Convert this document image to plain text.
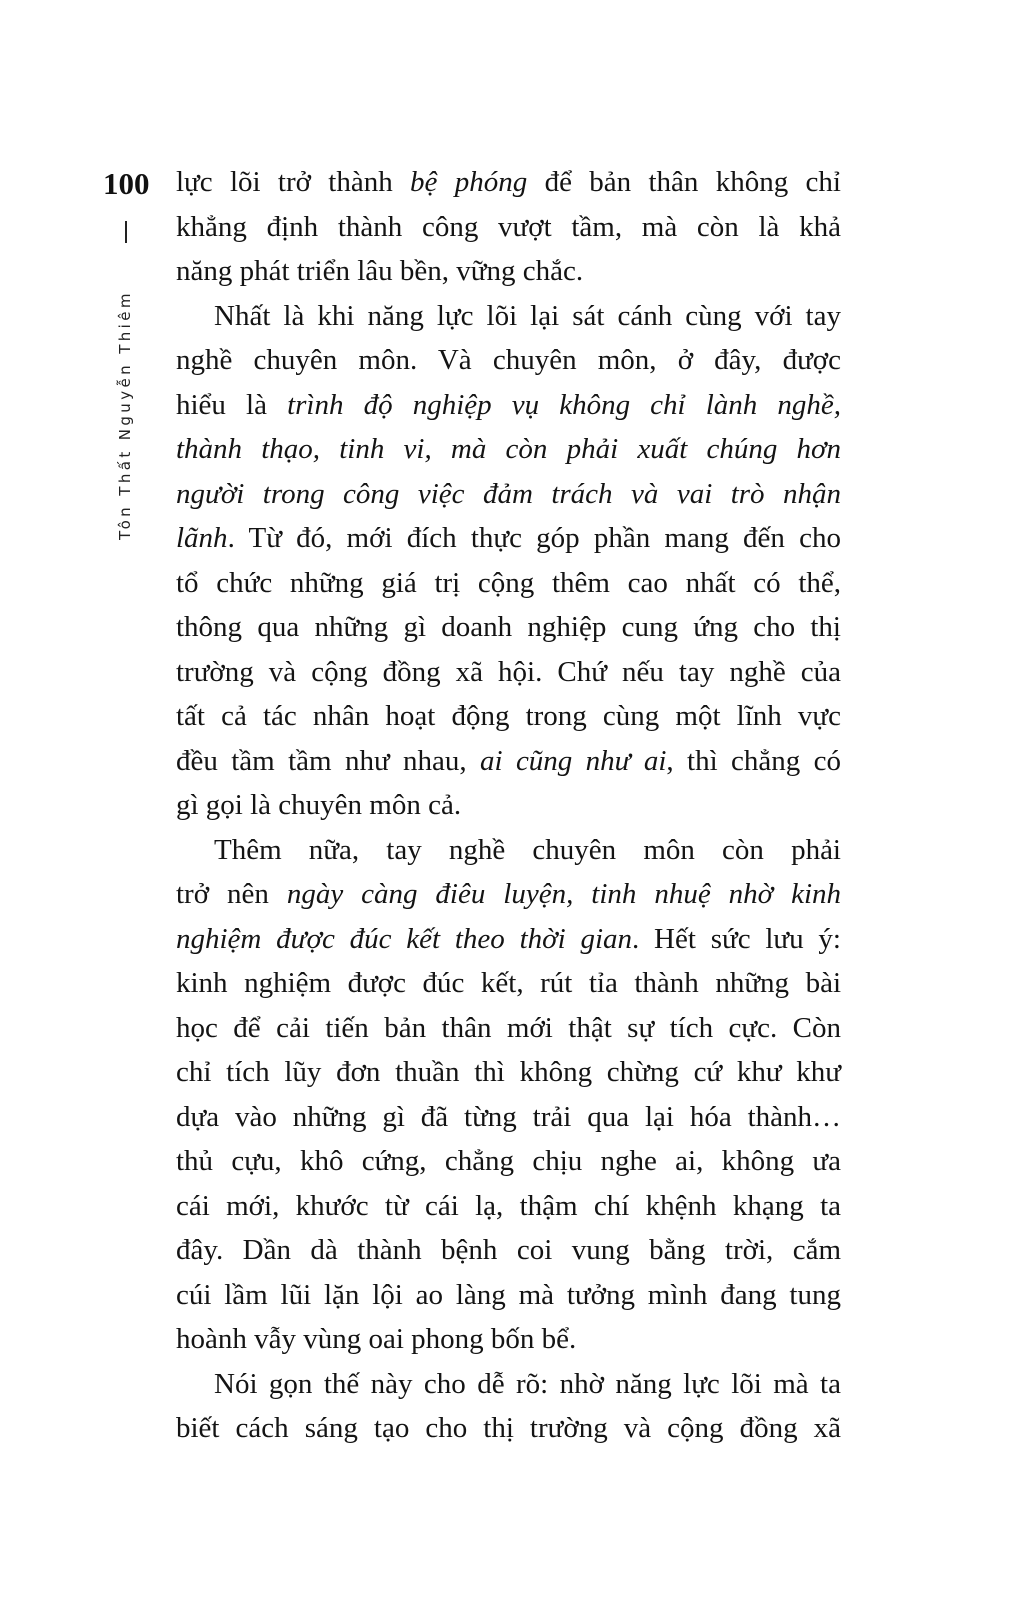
100
Tôn Thất Nguyễn Thiêm
lực lõi trở thành bệ phóng để bản thân không chỉ
khẳng định thành công vượt tầm, mà còn là khả
năng phát triển lâu bền, vững chắc.
Nhất là khi năng lực lõi lại sát cánh cùng với tay
nghề chuyên môn. Và chuyên môn, ở đây, được
hiểu là trình độ nghiệp vụ không chỉ lành nghề,
thành thạo, tinh vi, mà còn phải xuất chúng hơn
người trong công việc đảm trách và vai trò nhận
lãnh. Từ đó, mới đích thực góp phần mang đến cho
tổ chức những giá trị cộng thêm cao nhất có thể,
thông qua những gì doanh nghiệp cung ứng cho thị
trường và cộng đồng xã hội. Chứ nếu tay nghề của
tất cả tác nhân hoạt động trong cùng một lĩnh vực
đều tầm tầm như nhau, ai cũng như ai, thì chẳng có
gì gọi là chuyên môn cả.
Thêm nữa, tay nghề chuyên môn còn phải
trở nên ngày càng điêu luyện, tinh nhuệ nhờ kinh
nghiệm được đúc kết theo thời gian. Hết sức lưu ý:
kinh nghiệm được đúc kết, rút tỉa thành những bài
học để cải tiến bản thân mới thật sự tích cực. Còn
chỉ tích lũy đơn thuần thì không chừng cứ khư khư
dựa vào những gì đã từng trải qua lại hóa thành…
thủ cựu, khô cứng, chẳng chịu nghe ai, không ưa
cái mới, khước từ cái lạ, thậm chí khệnh khạng ta
đây. Dần dà thành bệnh coi vung bằng trời, cắm
cúi lầm lũi lặn lội ao làng mà tưởng mình đang tung
hoành vẫy vùng oai phong bốn bể.
Nói gọn thế này cho dễ rõ: nhờ năng lực lõi mà ta
biết cách sáng tạo cho thị trường và cộng đồng xã
